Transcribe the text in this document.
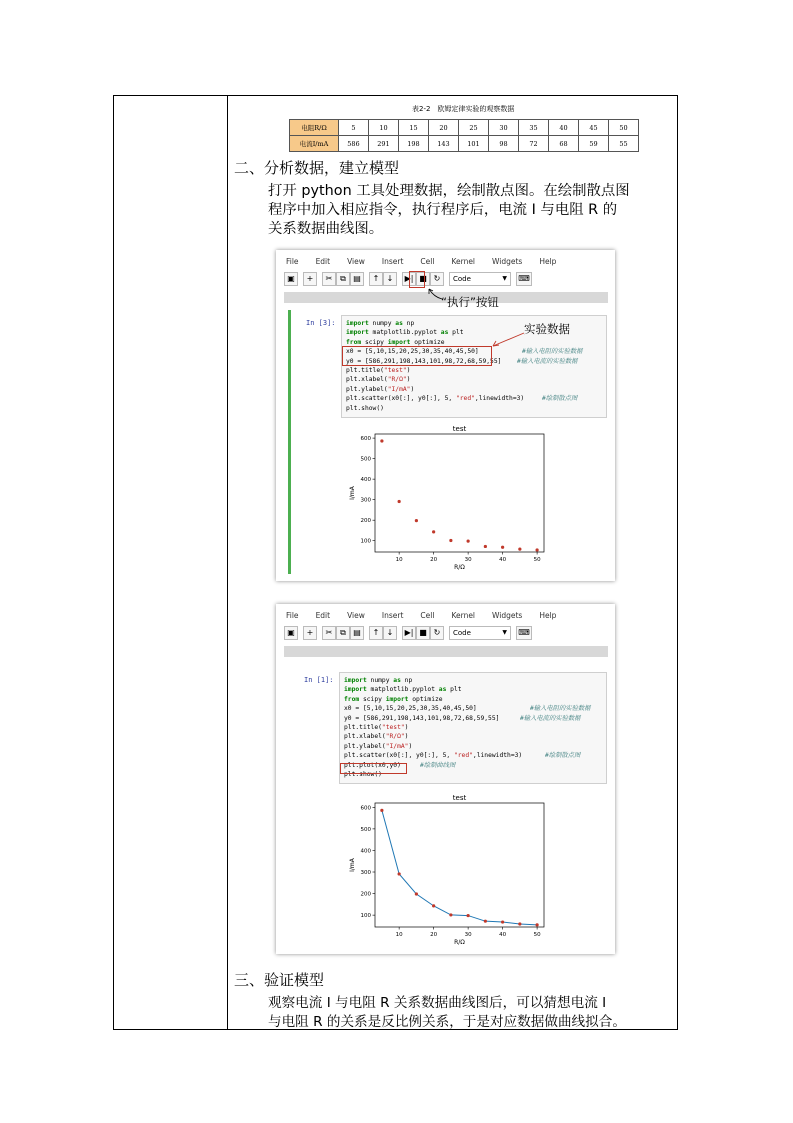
表2-2　欧姆定律实验的观察数据
电阻R/Ω	5	10	15	20	25	30	35	40	45	50
电流I/mA	586	291	198	143	101	98	72	68	59	55
二、分析数据，建立模型
打开 python 工具处理数据，绘制散点图。在绘制散点图
程序中加入相应指令，执行程序后，电流 I 与电阻 R 的
关系数据曲线图。
File Edit View Insert Cell Kernel Widgets Help
▣	+	✂ ⧉ ▤	↑ ↓	▶| ■ ↻	Code	▼ ⌨
“执行”按钮
In [3]: import numpy as np
import matplotlib.pyplot as plt
from scipy import optimize
x0 = [5,10,15,20,25,30,35,40,45,50]	#输入电阻的实验数据
y0 = [586,291,198,143,101,98,72,68,59,55] #输入电流的实验数据
plt.title("test")
plt.xlabel("R/Ω")
plt.ylabel("I/mA")
plt.scatter(x0[:], y0[:], 5, "red",linewidth=3)	#绘制散点图
plt.show()
实验数据
test
10	20	30	40	50
100
200
300
400
500
600
R/Ω
I/mA
File Edit View Insert Cell Kernel Widgets Help
▣	+	✂ ⧉ ▤	↑ ↓	▶| ■ ↻	Code	▼ ⌨
In [1]: import numpy as np
import matplotlib.pyplot as plt
from scipy import optimize
x0 = [5,10,15,20,25,30,35,40,45,50]	#输入电阻的实验数据
y0 = [586,291,198,143,101,98,72,68,59,55]	#输入电流的实验数据
plt.title("test")
plt.xlabel("R/Ω")
plt.ylabel("I/mA")
plt.scatter(x0[:], y0[:], 5, "red",linewidth=3)	#绘制散点图
plt.plot(x0,y0)	#绘制曲线图
plt.show()
test
10	20	30	40	50
100
200
300
400
500
600
R/Ω
I/mA
三、验证模型
观察电流 I 与电阻 R 关系数据曲线图后，可以猜想电流 I
与电阻 R 的关系是反比例关系，于是对应数据做曲线拟合。
